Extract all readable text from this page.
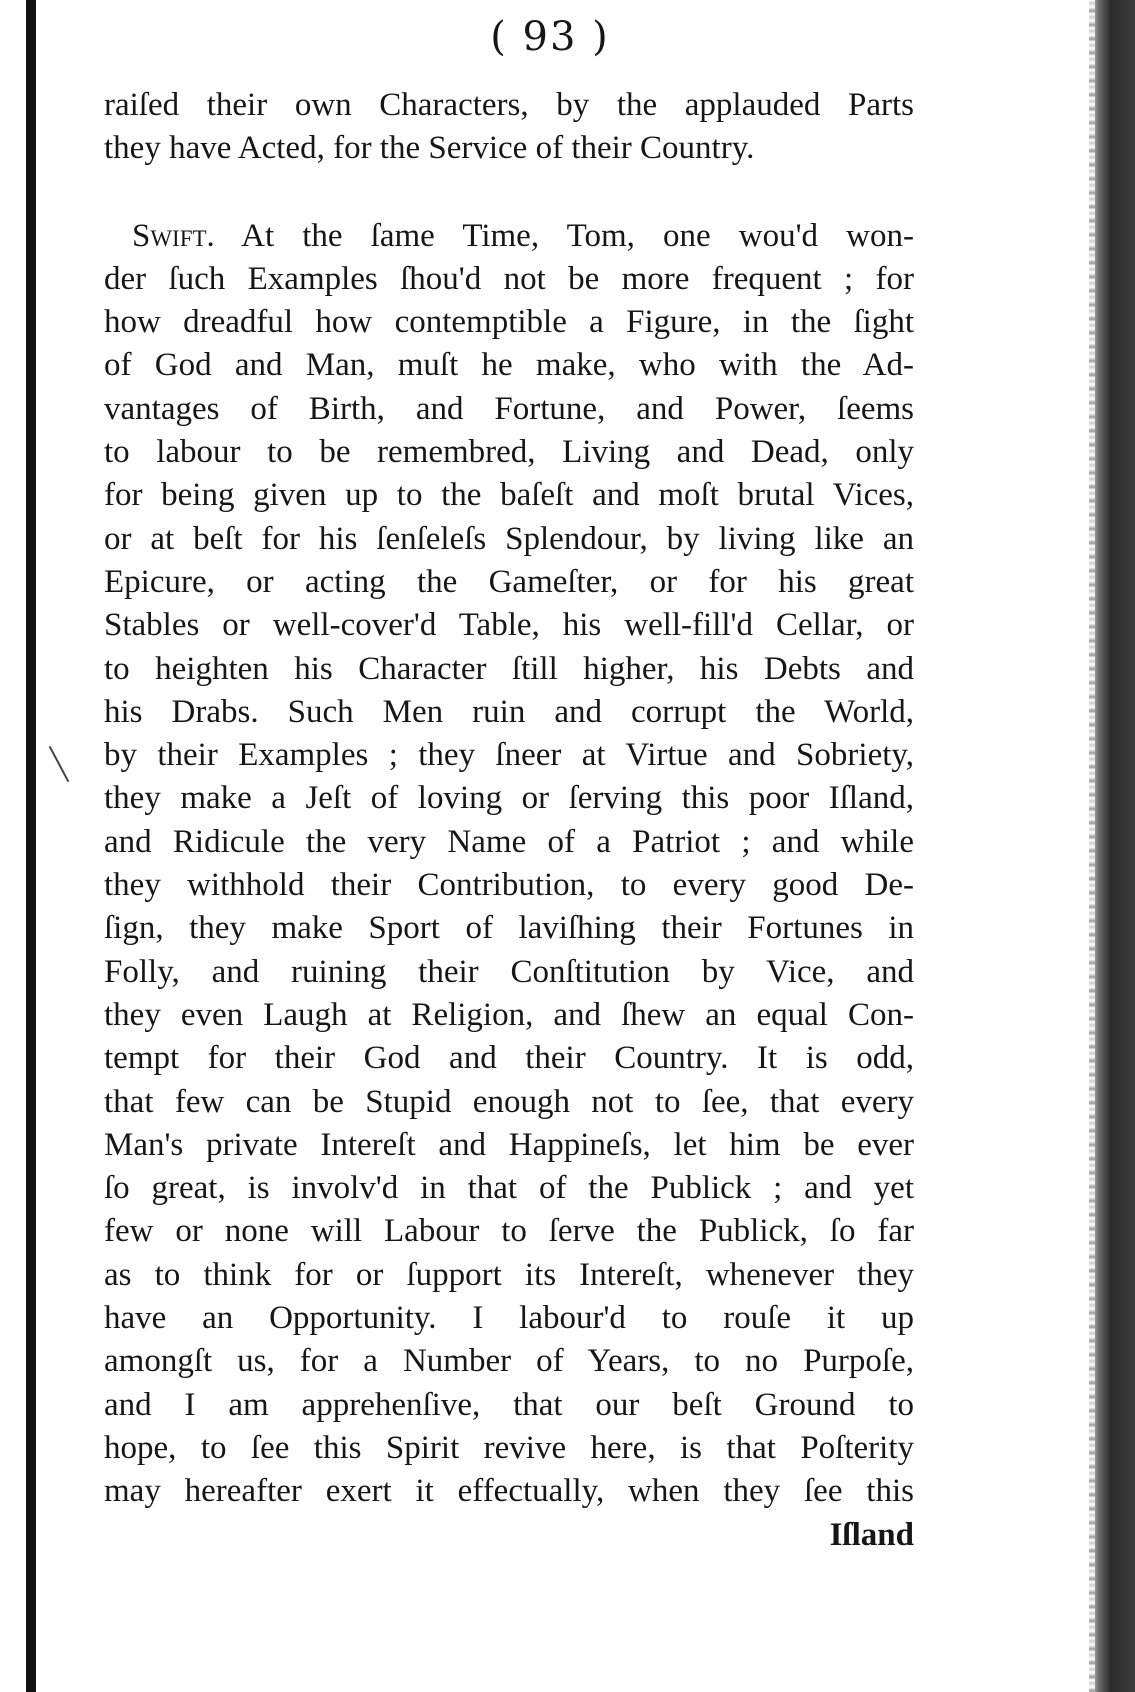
( 93 )
raiſed their own Characters, by the applauded Parts
they have Acted, for the Service of their Country.
Swift. At the ſame Time, Tom, one wou'd won-
der ſuch Examples ſhou'd not be more frequent ; for
how dreadful how contemptible a Figure, in the ſight
of God and Man, muſt he make, who with the Ad-
vantages of Birth, and Fortune, and Power, ſeems
to labour to be remembred, Living and Dead, only
for being given up to the baſeſt and moſt brutal Vices,
or at beſt for his ſenſeleſs Splendour, by living like an
Epicure, or acting the Gameſter, or for his great
Stables or well-cover'd Table, his well-fill'd Cellar, or
to heighten his Character ſtill higher, his Debts and
his Drabs. Such Men ruin and corrupt the World,
by their Examples ; they ſneer at Virtue and Sobriety,
they make a Jeſt of loving or ſerving this poor Iſland,
and Ridicule the very Name of a Patriot ; and while
they withhold their Contribution, to every good De-
ſign, they make Sport of laviſhing their Fortunes in
Folly, and ruining their Conſtitution by Vice, and
they even Laugh at Religion, and ſhew an equal Con-
tempt for their God and their Country. It is odd,
that few can be Stupid enough not to ſee, that every
Man's private Intereſt and Happineſs, let him be ever
ſo great, is involv'd in that of the Publick ; and yet
few or none will Labour to ſerve the Publick, ſo far
as to think for or ſupport its Intereſt, whenever they
have an Opportunity. I labour'd to rouſe it up
amongſt us, for a Number of Years, to no Purpoſe,
and I am apprehenſive, that our beſt Ground to
hope, to ſee this Spirit revive here, is that Poſterity
may hereafter exert it effectually, when they ſee this
Iſland
